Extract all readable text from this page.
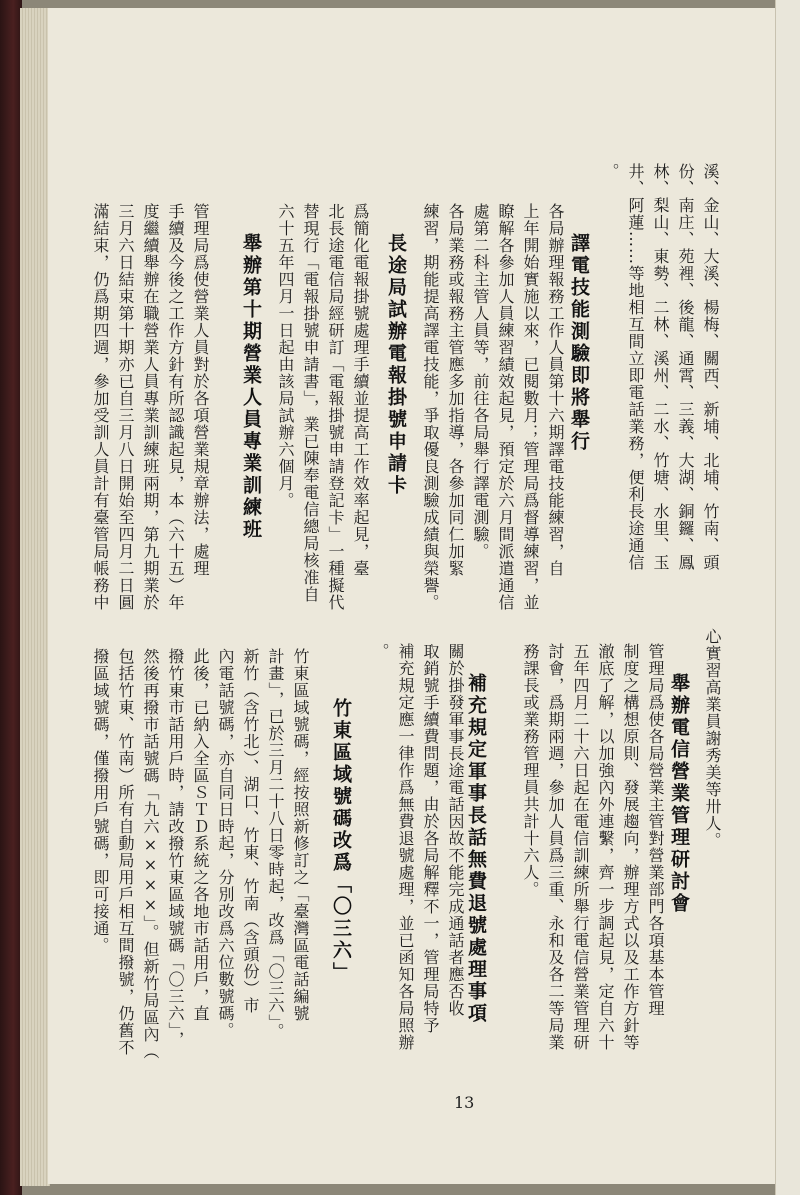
溪、金山、大溪、楊梅、關西、新埔、北埔、竹南、頭
份、南庄、苑裡、後龍、通霄、三義、大湖、銅鑼、鳳
林、梨山、東勢、二林、溪州、二水、竹塘、水里、玉
井、阿蓮……等地相互間立即電話業務，便利長途通信
。
譯電技能測驗即將舉行
各局辦理報務工作人員第十六期譯電技能練習，自
上年開始實施以來，已閱數月；管理局爲督導練習，並
瞭解各參加人員練習績效起見，預定於六月間派遣通信
處第二科主管人員等，前往各局舉行譯電測驗。
各局業務或報務主管應多加指導，各參加同仁加緊
練習，期能提高譯電技能，爭取優良測驗成績與榮譽。
長途局試辦電報掛號申請卡
爲簡化電報掛號處理手續並提高工作效率起見，臺
北長途電信局經研訂「電報掛號申請登記卡」一種擬代
替現行「電報掛號申請書」，業已陳奉電信總局核准自
六十五年四月一日起由該局試辦六個月。
舉辦第十期營業人員專業訓練班
管理局爲使營業人員對於各項營業規章辦法，處理
手續及今後之工作方針有所認識起見，本（六十五）年
度繼續舉辦在職營業人員專業訓練班兩期，第九期業於
三月六日結束第十期亦已自三月八日開始至四月二日圓
滿結束，仍爲期四週，參加受訓人員計有臺管局帳務中
心實習高業員謝秀美等卅人。
舉辦電信營業管理研討會
管理局爲使各局營業主管對營業部門各項基本管理
制度之構想原則、發展趨向，辦理方式以及工作方針等
澈底了解，以加強內外連繫，齊一步調起見，定自六十
五年四月二十六日起在電信訓練所舉行電信營業管理研
討會，爲期兩週，參加人員爲三重、永和及各二等局業
務課長或業務管理員共計十六人。
補充規定軍事長話無費退號處理事項
關於掛發軍事長途電話因故不能完成通話者應否收
取銷號手續費問題，由於各局解釋不一，管理局特予
補充規定應一律作爲無費退號處理，並已函知各局照辦
。
竹東區域號碼改爲「〇三六」
竹東區域號碼，經按照新修訂之「臺灣區電話編號
計畫」，已於三月二十八日零時起，改爲「〇三六」。
新竹（含竹北）、湖口、竹東、竹南（含頭份）市
內電話號碼，亦自同日時起，分別改爲六位數號碼。
此後，已納入全區ＳＴＤ系統之各地市話用戶，直
撥竹東市話用戶時，請改撥竹東區域號碼「〇三六」，
然後再撥市話號碼「九六××××」。但新竹局區內（
包括竹東、竹南）所有自動局用戶相互間撥號，仍舊不
撥區域號碼，僅撥用戶號碼，即可接通。
13
